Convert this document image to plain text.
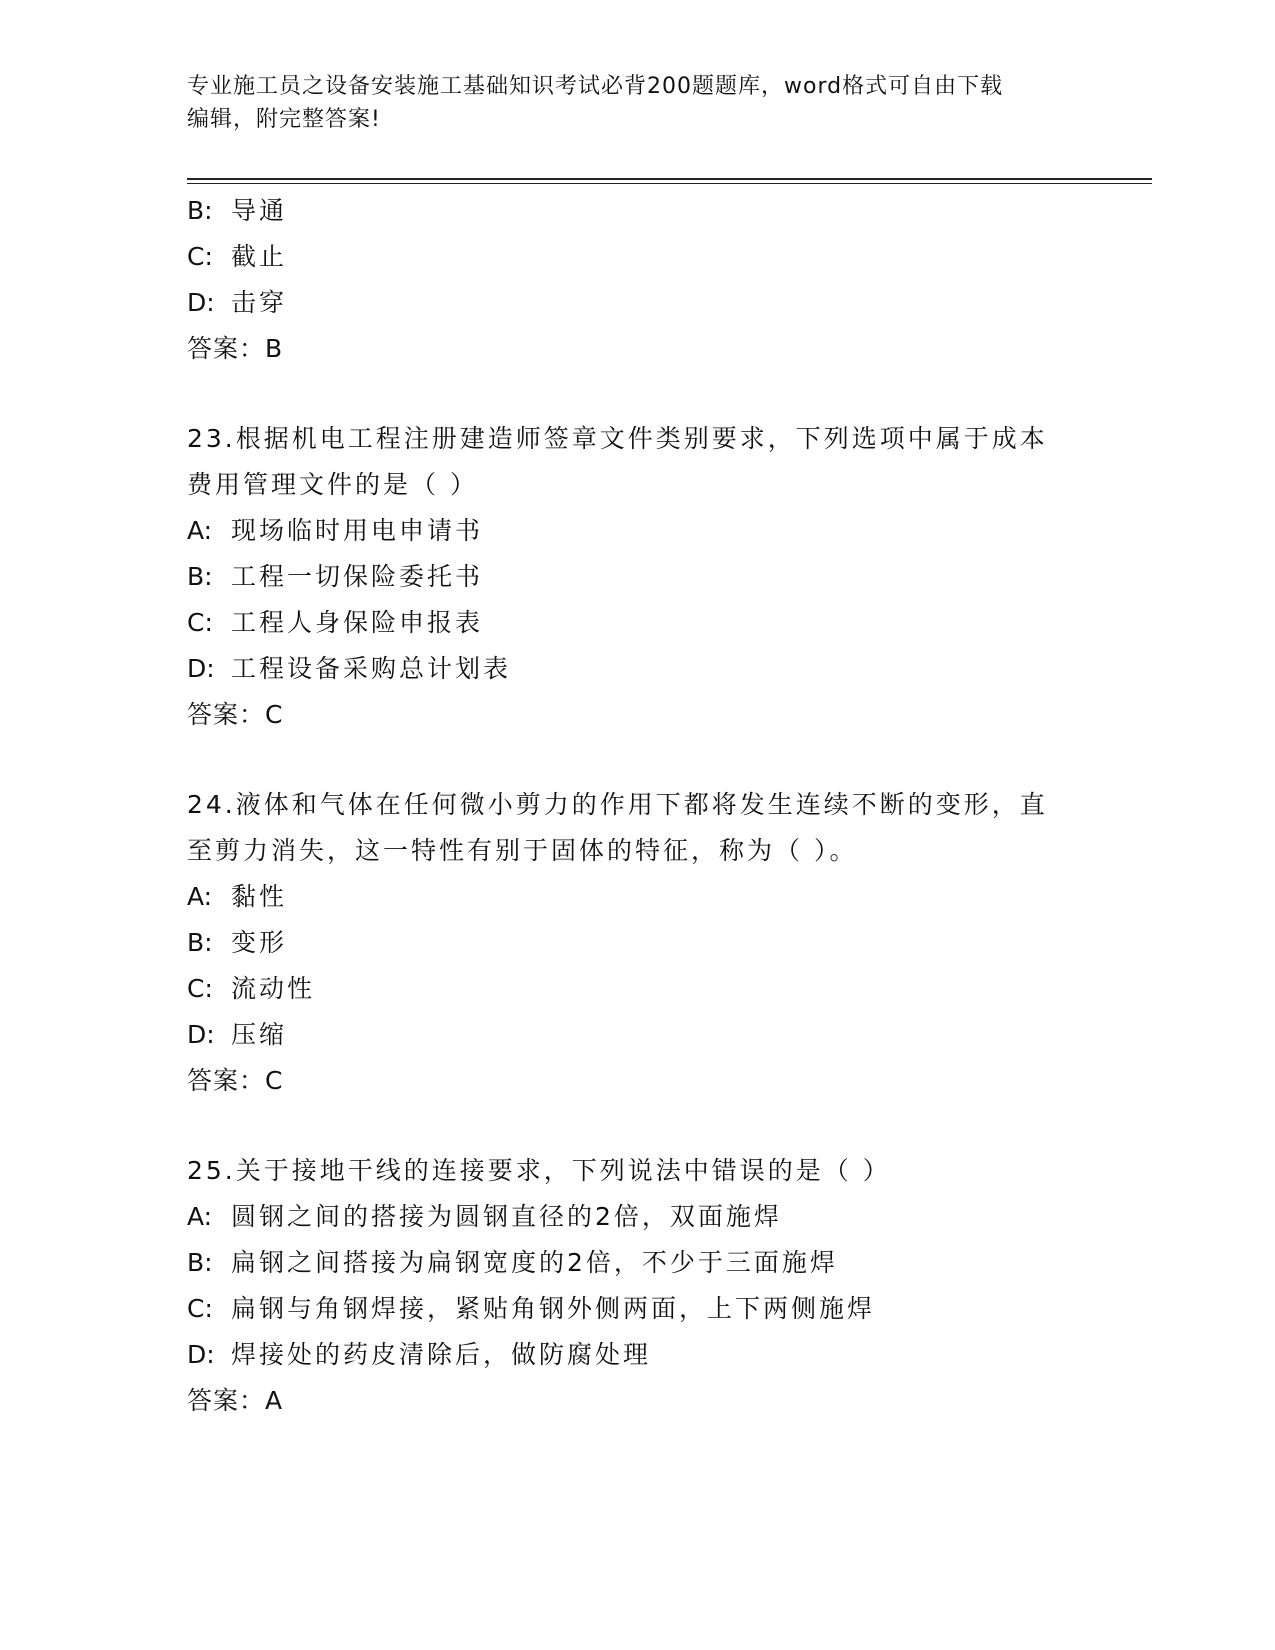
专业施工员之设备安装施工基础知识考试必背200题题库，word格式可自由下载
编辑，附完整答案!
B: 导通
C: 截止
D: 击穿
答案：B
23.根据机电工程注册建造师签章文件类别要求，下列选项中属于成本
费用管理文件的是（ ）
A: 现场临时用电申请书
B: 工程一切保险委托书
C: 工程人身保险申报表
D: 工程设备采购总计划表
答案：C
24.液体和气体在任何微小剪力的作用下都将发生连续不断的变形，直
至剪力消失，这一特性有别于固体的特征，称为（ ）。
A: 黏性
B: 变形
C: 流动性
D: 压缩
答案：C
25.关于接地干线的连接要求，下列说法中错误的是（ ）
A: 圆钢之间的搭接为圆钢直径的2倍，双面施焊
B: 扁钢之间搭接为扁钢宽度的2倍，不少于三面施焊
C: 扁钢与角钢焊接，紧贴角钢外侧两面，上下两侧施焊
D: 焊接处的药皮清除后，做防腐处理
答案：A
